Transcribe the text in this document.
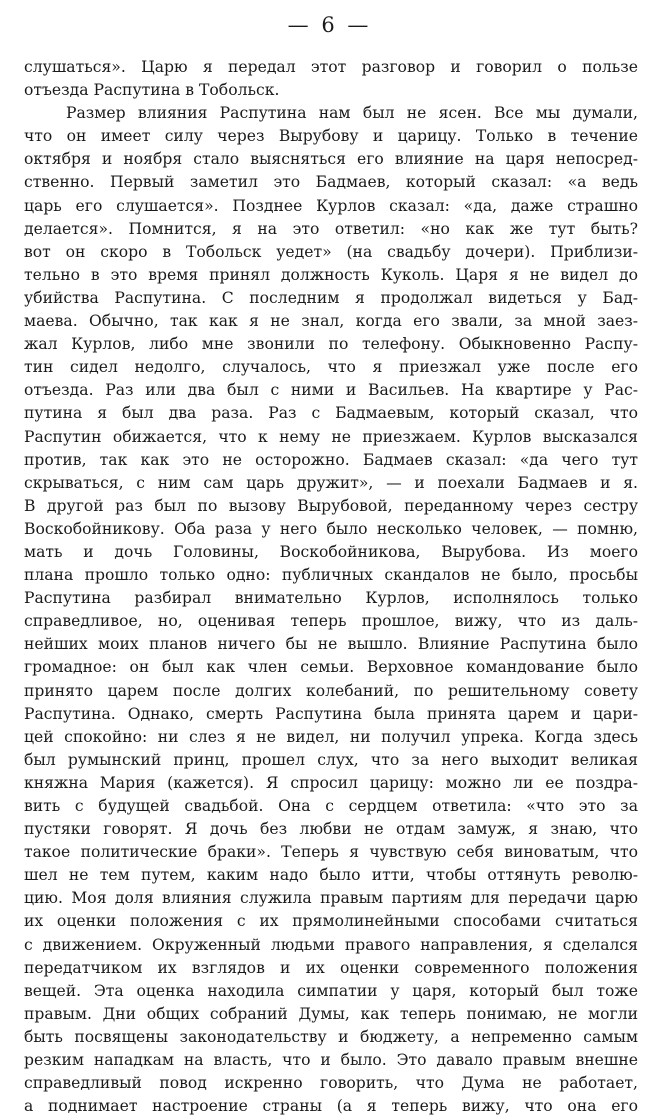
— 6 —
слушаться». Царю я передал этот разговор и говорил о пользе
отъезда Распутина в Тобольск.
Размер влияния Распутина нам был не ясен. Все мы думали,
что он имеет силу через Вырубову и царицу. Только в течение
октября и ноября стало выясняться его влияние на царя непосред-
ственно. Первый заметил это Бадмаев, который сказал: «а ведь
царь его слушается». Позднее Курлов сказал: «да, даже страшно
делается». Помнится, я на это ответил: «но как же тут быть?
вот он скоро в Тобольск уедет» (на свадьбу дочери). Приблизи-
тельно в это время принял должность Куколь. Царя я не видел до
убийства Распутина. С последним я продолжал видеться у Бад-
маева. Обычно, так как я не знал, когда его звали, за мной заез-
жал Курлов, либо мне звонили по телефону. Обыкновенно Распу-
тин сидел недолго, случалось, что я приезжал уже после его
отъезда. Раз или два был с ними и Васильев. На квартире у Рас-
путина я был два раза. Раз с Бадмаевым, который сказал, что
Распутин обижается, что к нему не приезжаем. Курлов высказался
против, так как это не осторожно. Бадмаев сказал: «да чего тут
скрываться, с ним сам царь дружит», — и поехали Бадмаев и я.
В другой раз был по вызову Вырубовой, переданному через сестру
Воскобойникову. Оба раза у него было несколько человек, — помню,
мать и дочь Головины, Воскобойникова, Вырубова. Из моего
плана прошло только одно: публичных скандалов не было, просьбы
Распутина разбирал внимательно Курлов, исполнялось только
справедливое, но, оценивая теперь прошлое, вижу, что из даль-
нейших моих планов ничего бы не вышло. Влияние Распутина было
громадное: он был как член семьи. Верховное командование было
принято царем после долгих колебаний, по решительному совету
Распутина. Однако, смерть Распутина была принята царем и цари-
цей спокойно: ни слез я не видел, ни получил упрека. Когда здесь
был румынский принц, прошел слух, что за него выходит великая
княжна Мария (кажется). Я спросил царицу: можно ли ее поздра-
вить с будущей свадьбой. Она с сердцем ответила: «что это за
пустяки говорят. Я дочь без любви не отдам замуж, я знаю, что
такое политические браки». Теперь я чувствую себя виноватым, что
шел не тем путем, каким надо было итти, чтобы оттянуть револю-
цию. Моя доля влияния служила правым партиям для передачи царю
их оценки положения с их прямолинейными способами считаться
с движением. Окруженный людьми правого направления, я сделался
передатчиком их взглядов и их оценки современного положения
вещей. Эта оценка находила симпатии у царя, который был тоже
правым. Дни общих собраний Думы, как теперь понимаю, не могли
быть посвящены законодательству и бюджету, а непременно самым
резким нападкам на власть, что и было. Это давало правым внешне
справедливый повод искренно говорить, что Дума не работает,
а поднимает настроение страны (а я теперь вижу, что она его
